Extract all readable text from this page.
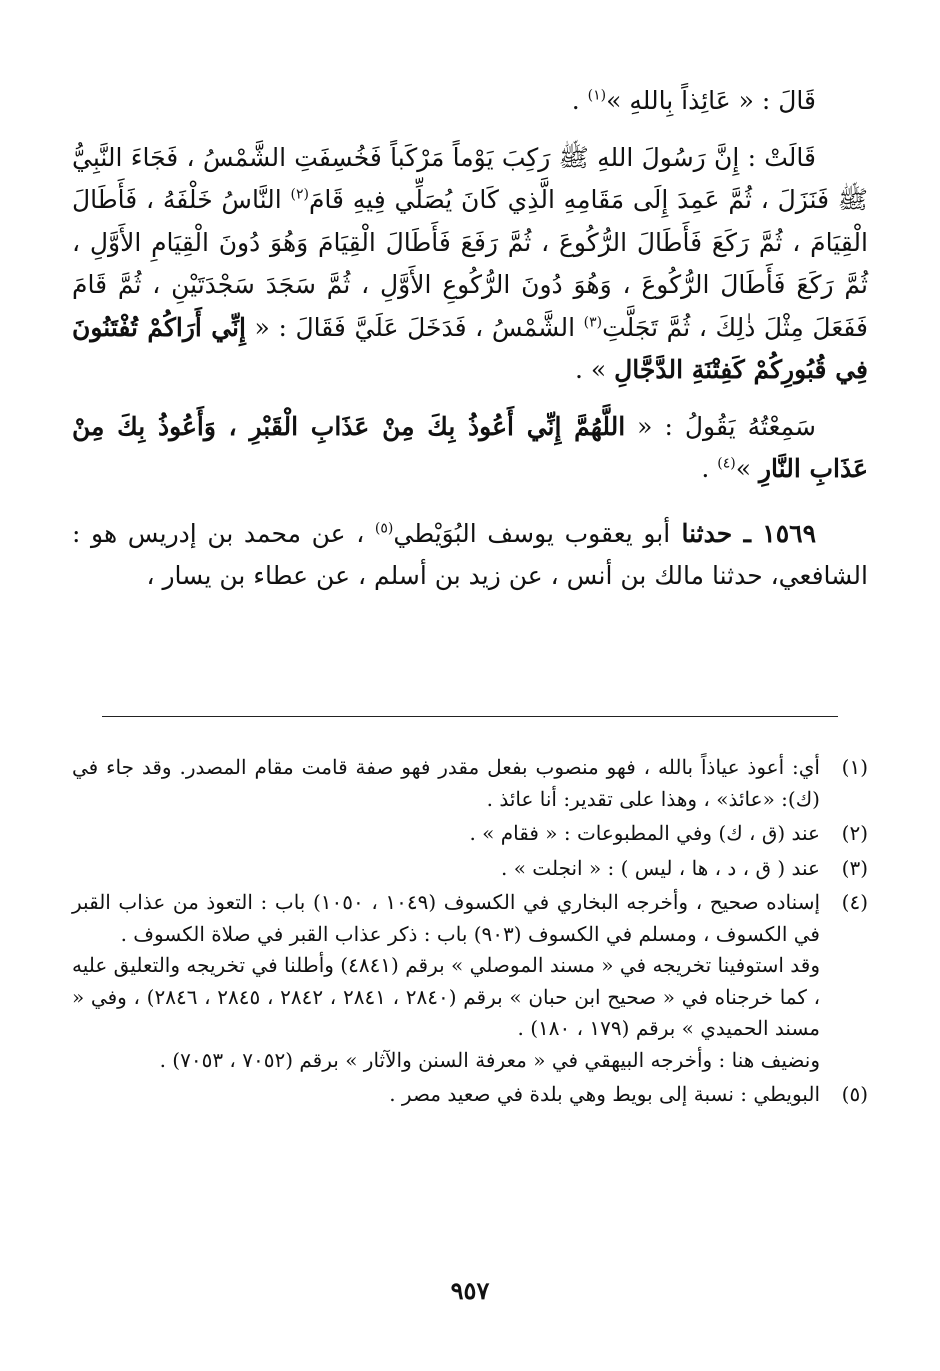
قَالَ : « عَائِذاً بِاللهِ »$^{(١)}$ .

قَالَتْ : إِنَّ رَسُولَ اللهِ ﷺ رَكِبَ يَوْماً مَرْكَباً فَخُسِفَتِ الشَّمْسُ ، فَجَاءَ النَّبِيُّ ﷺ فَنَزَلَ ، ثُمَّ عَمِدَ إِلَى مَقَامِهِ الَّذِي كَانَ يُصَلِّي فِيهِ قَامَ$^{(٢)}$ النَّاسُ خَلْفَهُ ، فَأَطَالَ الْقِيَامَ ، ثُمَّ رَكَعَ فَأَطَالَ الرُّكُوعَ ، ثُمَّ رَفَعَ فَأَطَالَ الْقِيَامَ وَهُوَ دُونَ الْقِيَامِ الأَوَّلِ ، ثُمَّ رَكَعَ فَأَطَالَ الرُّكُوعَ ، وَهُوَ دُونَ الرُّكُوعِ الأَوَّلِ ، ثُمَّ سَجَدَ سَجْدَتَيْنِ ، ثُمَّ قَامَ فَفَعَلَ مِثْلَ ذٰلِكَ ، ثُمَّ تَجَلَّتِ$^{(٣)}$ الشَّمْسُ ، فَدَخَلَ عَلَيَّ فَقَالَ : « إِنِّي أَرَاكُمْ تُفْتَنُونَ فِي قُبُورِكُمْ كَفِتْنَةِ الدَّجَّالِ » .

سَمِعْتُهُ يَقُولُ : « اللَّهُمَّ إِنِّي أَعُوذُ بِكَ مِنْ عَذَابِ الْقَبْرِ ، وَأَعُوذُ بِكَ مِنْ عَذَابِ النَّارِ »$^{(٤)}$ .

١٥٦٩ ـ حدثنا أبو يعقوب يوسف البُوَيْطي$^{(٥)}$ ، عن محمد بن إدريس هو : الشافعي، حدثنا مالك بن أنس ، عن زيد بن أسلم ، عن عطاء بن يسار ،

(١)

أي: أعوذ عياذاً بالله ، فهو منصوب بفعل مقدر فهو صفة قامت مقام المصدر. وقد جاء في (ك): «عائذ» ، وهذا على تقدير: أنا عائذ .

(٢)

عند (ق ، ك) وفي المطبوعات : « فقام » .

(٣)

عند ( ق ، د ، ها ، ليس ) : « انجلت » .

(٤)

إسناده صحيح ، وأخرجه البخاري في الكسوف (١٠٤٩ ، ١٠٥٠) باب : التعوذ من عذاب القبر في الكسوف ، ومسلم في الكسوف (٩٠٣) باب : ذكر عذاب القبر في صلاة الكسوف .

وقد استوفينا تخريجه في « مسند الموصلي » برقم (٤٨٤١) وأطلنا في تخريجه والتعليق عليه ، كما خرجناه في « صحيح ابن حبان » برقم (٢٨٤٠ ، ٢٨٤١ ، ٢٨٤٢ ، ٢٨٤٥ ، ٢٨٤٦) ، وفي « مسند الحميدي » برقم (١٧٩ ، ١٨٠) .

ونضيف هنا : وأخرجه البيهقي في « معرفة السنن والآثار » برقم (٧٠٥٢ ، ٧٠٥٣) .

(٥)

البويطي : نسبة إلى بويط وهي بلدة في صعيد مصر .

٩٥٧
